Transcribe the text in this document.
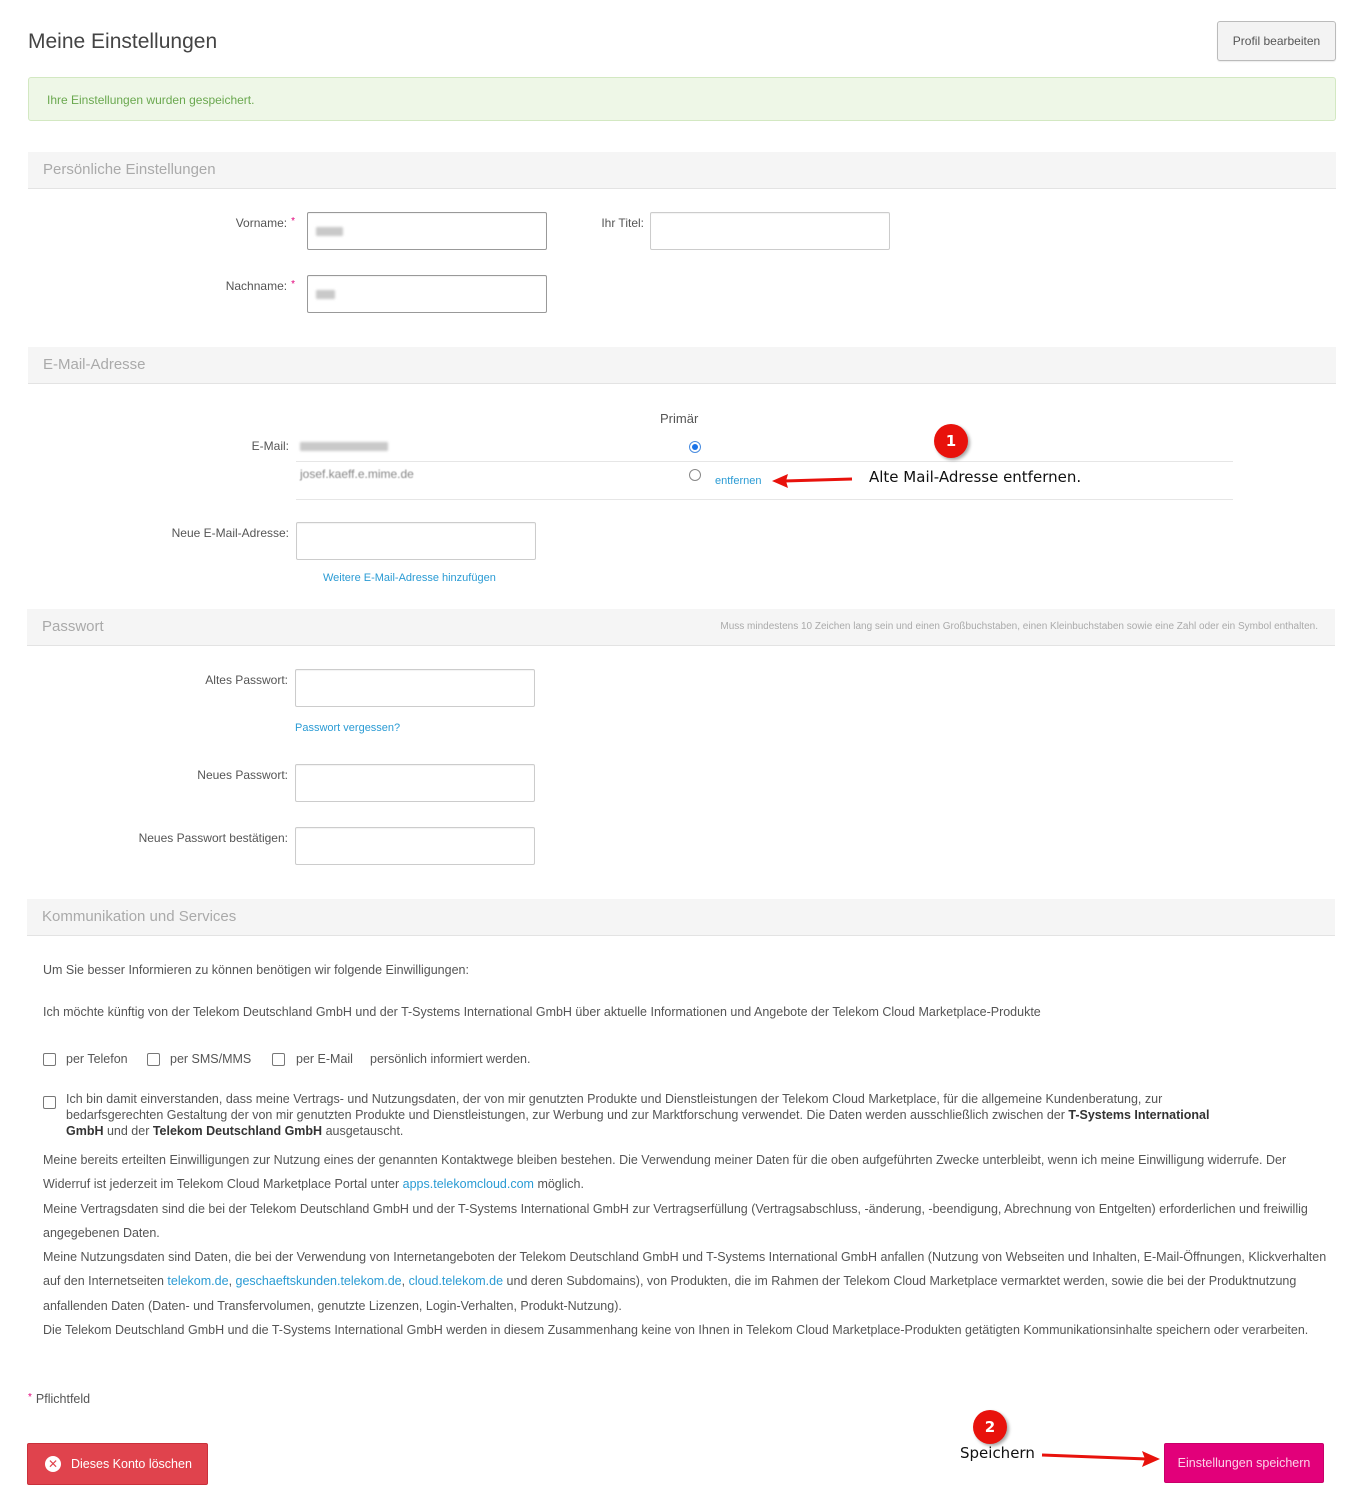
Meine Einstellungen	Profil bearbeiten
Ihre Einstellungen wurden gespeichert.
Persönliche Einstellungen
Vorname: *	Ihr Titel:
Nachname: *
E-Mail-Adresse
Primär
E-Mail:
josef.kaeff.e.mime.de	entfernen
Neue E-Mail-Adresse:
Weitere E-Mail-Adresse hinzufügen
1
Alte Mail-Adresse entfernen.
Passwort	Muss mindestens 10 Zeichen lang sein und einen Großbuchstaben, einen Kleinbuchstaben sowie eine Zahl oder ein Symbol enthalten.
Altes Passwort:
Passwort vergessen?
Neues Passwort:
Neues Passwort bestätigen:
Kommunikation und Services
Um Sie besser Informieren zu können benötigen wir folgende Einwilligungen:
Ich möchte künftig von der Telekom Deutschland GmbH und der T-Systems International GmbH über aktuelle Informationen und Angebote der Telekom Cloud Marketplace-Produkte
per Telefon	per SMS/MMS	per E-Mail persönlich informiert werden.
Ich bin damit einverstanden, dass meine Vertrags- und Nutzungsdaten, der von mir genutzten Produkte und Dienstleistungen der Telekom Cloud Marketplace, für die allgemeine Kundenberatung, zur bedarfsgerechten Gestaltung der von mir genutzten Produkte und Dienstleistungen, zur Werbung und zur Marktforschung verwendet. Die Daten werden ausschließlich zwischen der T-Systems International GmbH und der Telekom Deutschland GmbH ausgetauscht.
Meine bereits erteilten Einwilligungen zur Nutzung eines der genannten Kontaktwege bleiben bestehen. Die Verwendung meiner Daten für die oben aufgeführten Zwecke unterbleibt, wenn ich meine Einwilligung widerrufe. Der Widerruf ist jederzeit im Telekom Cloud Marketplace Portal unter apps.telekomcloud.com möglich.
Meine Vertragsdaten sind die bei der Telekom Deutschland GmbH und der T-Systems International GmbH zur Vertragserfüllung (Vertragsabschluss, -änderung, -beendigung, Abrechnung von Entgelten) erforderlichen und freiwillig angegebenen Daten.
Meine Nutzungsdaten sind Daten, die bei der Verwendung von Internetangeboten der Telekom Deutschland GmbH und T-Systems International GmbH anfallen (Nutzung von Webseiten und Inhalten, E-Mail-Öffnungen, Klickverhalten auf den Internetseiten telekom.de, geschaeftskunden.telekom.de, cloud.telekom.de und deren Subdomains), von Produkten, die im Rahmen der Telekom Cloud Marketplace vermarktet werden, sowie die bei der Produktnutzung anfallenden Daten (Daten- und Transfervolumen, genutzte Lizenzen, Login-Verhalten, Produkt-Nutzung).
Die Telekom Deutschland GmbH und die T-Systems International GmbH werden in diesem Zusammenhang keine von Ihnen in Telekom Cloud Marketplace-Produkten getätigten Kommunikationsinhalte speichern oder verarbeiten.
* Pflichtfeld
✕ Dieses Konto löschen
2
Speichern
Einstellungen speichern
